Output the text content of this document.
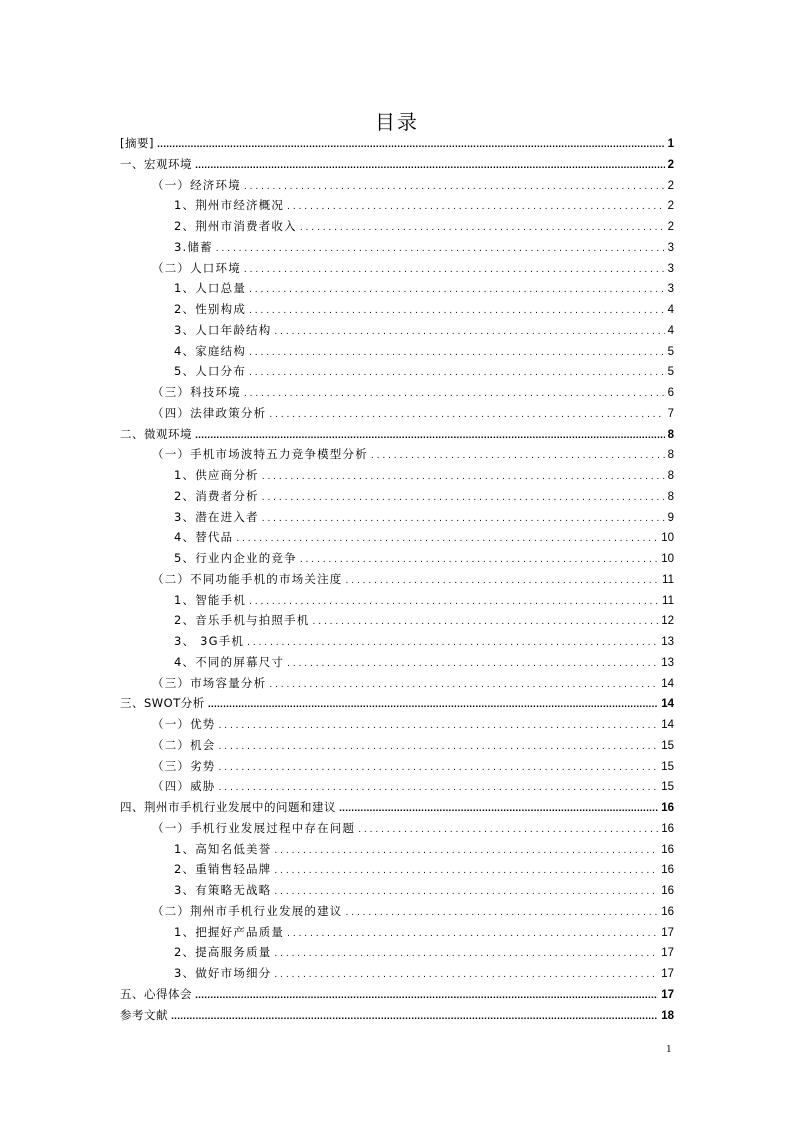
目录
[摘要] .....	1
一、宏观环境 .....	2
（一）经济环境 . . .	2
1、荆州市经济概况 . . .	2
2、荆州市消费者收入 . . .	2
3.储蓄 . . .	3
（二）人口环境 . . .	3
1、人口总量 . . .	3
2、性别构成 . . .	4
3、人口年龄结构 . . .	4
4、家庭结构 . . .	5
5、人口分布 . . .	5
（三）科技环境 . . .	6
（四）法律政策分析 . . .	7
二、微观环境 .....	8
（一）手机市场波特五力竞争模型分析 . . .	8
1、供应商分析 . . .	8
2、消费者分析 . . .	8
3、潜在进入者 . . .	9
4、替代品 . . .	10
5、行业内企业的竞争 . . .	10
（二）不同功能手机的市场关注度 . . .	11
1、智能手机 . . .	11
2、音乐手机与拍照手机 . . .	12
3、 3G手机 . . .	13
4、不同的屏幕尺寸 . . .	13
（三）市场容量分析 . . .	14
三、SWOT分析 .....	14
（一）优势 . . .	14
（二）机会 . . .	15
（三）劣势 . . .	15
（四）威胁 . . .	15
四、荆州市手机行业发展中的问题和建议 .....	16
（一）手机行业发展过程中存在问题 . . .	16
1、高知名低美誉 . . .	16
2、重销售轻品牌 . . .	16
3、有策略无战略 . . .	16
（二）荆州市手机行业发展的建议 . . .	16
1、把握好产品质量 . . .	17
2、提高服务质量 . . .	17
3、做好市场细分 . . .	17
五、心得体会 .....	17
参考文献 .....	18
1
